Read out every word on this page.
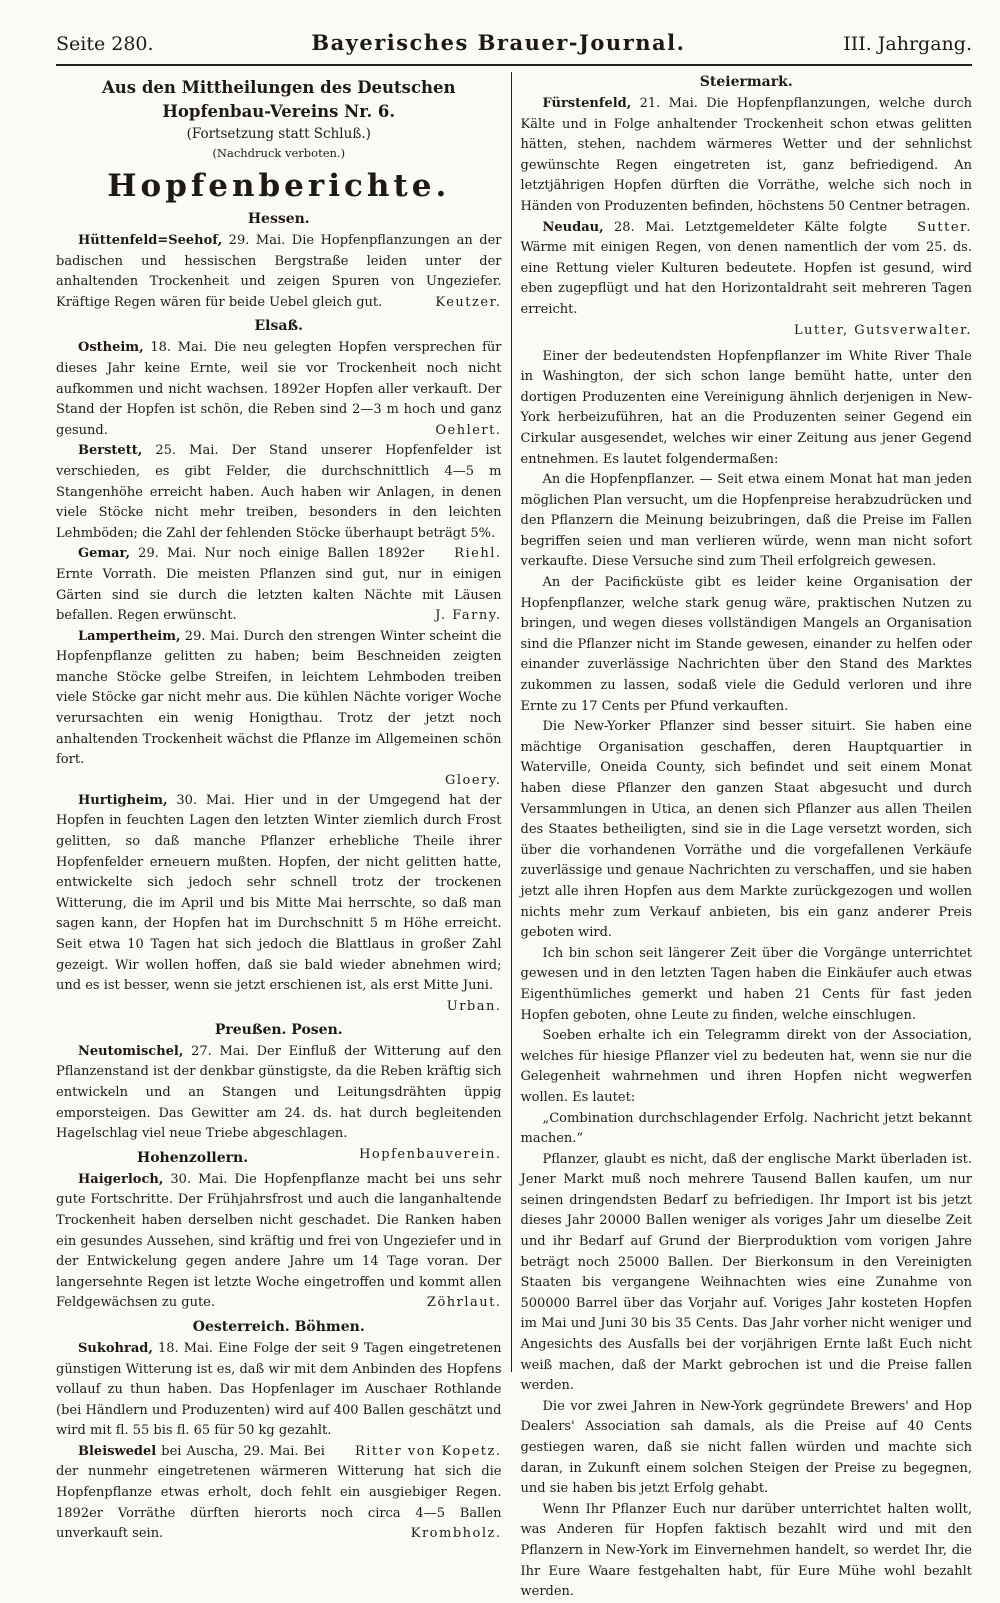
Seite 280.	Bayerisches Brauer-Journal.	III. Jahrgang.
Aus den Mittheilungen des Deutschen Hopfenbau-Vereins Nr. 6.
(Fortsetzung statt Schluß.)
(Nachdruck verboten.)
Hopfenberichte.
Hessen.

Hüttenfeld=Seehof, 29. Mai. Die Hopfenpflanzungen an der badischen und hessischen Bergstraße leiden unter der anhaltenden Trockenheit und zeigen Spuren von Ungeziefer. Kräftige Regen wären für beide Uebel gleich gut.	Keutzer.

Elsaß.

Ostheim, 18. Mai. Die neu gelegten Hopfen versprechen für dieses Jahr keine Ernte, weil sie vor Trockenheit noch nicht aufkommen und nicht wachsen. 1892er Hopfen aller verkauft. Der Stand der Hopfen ist schön, die Reben sind 2—3 m hoch und ganz gesund.	Oehlert.

Berstett, 25. Mai. Der Stand unserer Hopfenfelder ist verschieden, es gibt Felder, die durchschnittlich 4—5 m Stangenhöhe erreicht haben. Auch haben wir Anlagen, in denen viele Stöcke nicht mehr treiben, besonders in den leichten Lehmböden; die Zahl der fehlenden Stöcke überhaupt beträgt 5%.
Riehl.

Gemar, 29. Mai. Nur noch einige Ballen 1892er Ernte Vorrath. Die meisten Pflanzen sind gut, nur in einigen Gärten sind sie durch die letzten kalten Nächte mit Läusen befallen. Regen erwünscht.	J. Farny.

Lampertheim, 29. Mai. Durch den strengen Winter scheint die Hopfenpflanze gelitten zu haben; beim Beschneiden zeigten manche Stöcke gelbe Streifen, in leichtem Lehmboden treiben viele Stöcke gar nicht mehr aus. Die kühlen Nächte voriger Woche verursachten ein wenig Honigthau. Trotz der jetzt noch anhaltenden Trockenheit wächst die Pflanze im Allgemeinen schön fort.

Gloery.

Hurtigheim, 30. Mai. Hier und in der Umgegend hat der Hopfen in feuchten Lagen den letzten Winter ziemlich durch Frost gelitten, so daß manche Pflanzer erhebliche Theile ihrer Hopfenfelder erneuern mußten. Hopfen, der nicht gelitten hatte, entwickelte sich jedoch sehr schnell trotz der trockenen Witterung, die im April und bis Mitte Mai herrschte, so daß man sagen kann, der Hopfen hat im Durchschnitt 5 m Höhe erreicht. Seit etwa 10 Tagen hat sich jedoch die Blattlaus in großer Zahl gezeigt. Wir wollen hoffen, daß sie bald wieder abnehmen wird; und es ist besser, wenn sie jetzt erschienen ist, als erst Mitte Juni.

Urban.
Preußen. Posen.

Neutomischel, 27. Mai. Der Einfluß der Witterung auf den Pflanzenstand ist der denkbar günstigste, da die Reben kräftig sich entwickeln und an Stangen und Leitungsdrähten üppig emporsteigen. Das Gewitter am 24. ds. hat durch begleitenden Hagelschlag viel neue Triebe abgeschlagen.
Hopfenbauverein.

Hohenzollern.

Haigerloch, 30. Mai. Die Hopfenpflanze macht bei uns sehr gute Fortschritte. Der Frühjahrsfrost und auch die langanhaltende Trockenheit haben derselben nicht geschadet. Die Ranken haben ein gesundes Aussehen, sind kräftig und frei von Ungeziefer und in der Entwickelung gegen andere Jahre um 14 Tage voran. Der langersehnte Regen ist letzte Woche eingetroffen und kommt allen Feldgewächsen zu gute.	Zöhrlaut.

Oesterreich. Böhmen.

Sukohrad, 18. Mai. Eine Folge der seit 9 Tagen eingetretenen günstigen Witterung ist es, daß wir mit dem Anbinden des Hopfens vollauf zu thun haben. Das Hopfenlager im Auschaer Rothlande (bei Händlern und Produzenten) wird auf 400 Ballen geschätzt und wird mit fl. 55 bis fl. 65 für 50 kg gezahlt.
Ritter von Kopetz.

Bleiswedel bei Auscha, 29. Mai. Bei der nunmehr eingetretenen wärmeren Witterung hat sich die Hopfenpflanze etwas erholt, doch fehlt ein ausgiebiger Regen. 1892er Vorräthe dürften hierorts noch circa 4—5 Ballen unverkauft sein.	Krombholz.

Steiermark.

Fürstenfeld, 21. Mai. Die Hopfenpflanzungen, welche durch Kälte und in Folge anhaltender Trockenheit schon etwas gelitten hätten, stehen, nachdem wärmeres Wetter und der sehnlichst gewünschte Regen eingetreten ist, ganz befriedigend. An letztjährigen Hopfen dürften die Vorräthe, welche sich noch in Händen von Produzenten befinden, höchstens 50 Centner betragen.
Sutter.

Neudau, 28. Mai. Letztgemeldeter Kälte folgte Wärme mit einigen Regen, von denen namentlich der vom 25. ds. eine Rettung vieler Kulturen bedeutete. Hopfen ist gesund, wird eben zugepflügt und hat den Horizontaldraht seit mehreren Tagen erreicht.

Lutter, Gutsverwalter.

Einer der bedeutendsten Hopfenpflanzer im White River Thale in Washington, der sich schon lange bemüht hatte, unter den dortigen Produzenten eine Vereinigung ähnlich derjenigen in New-York herbeizuführen, hat an die Produzenten seiner Gegend ein Cirkular ausgesendet, welches wir einer Zeitung aus jener Gegend entnehmen. Es lautet folgendermaßen:

An die Hopfenpflanzer. — Seit etwa einem Monat hat man jeden möglichen Plan versucht, um die Hopfenpreise herabzudrücken und den Pflanzern die Meinung beizubringen, daß die Preise im Fallen begriffen seien und man verlieren würde, wenn man nicht sofort verkaufte. Diese Versuche sind zum Theil erfolgreich gewesen.

An der Pacificküste gibt es leider keine Organisation der Hopfenpflanzer, welche stark genug wäre, praktischen Nutzen zu bringen, und wegen dieses vollständigen Mangels an Organisation sind die Pflanzer nicht im Stande gewesen, einander zu helfen oder einander zuverlässige Nachrichten über den Stand des Marktes zukommen zu lassen, sodaß viele die Geduld verloren und ihre Ernte zu 17 Cents per Pfund verkauften.

Die New-Yorker Pflanzer sind besser situirt. Sie haben eine mächtige Organisation geschaffen, deren Hauptquartier in Waterville, Oneida County, sich befindet und seit einem Monat haben diese Pflanzer den ganzen Staat abgesucht und durch Versammlungen in Utica, an denen sich Pflanzer aus allen Theilen des Staates betheiligten, sind sie in die Lage versetzt worden, sich über die vorhandenen Vorräthe und die vorgefallenen Verkäufe zuverlässige und genaue Nachrichten zu verschaffen, und sie haben jetzt alle ihren Hopfen aus dem Markte zurückgezogen und wollen nichts mehr zum Verkauf anbieten, bis ein ganz anderer Preis geboten wird.

Ich bin schon seit längerer Zeit über die Vorgänge unterrichtet gewesen und in den letzten Tagen haben die Einkäufer auch etwas Eigenthümliches gemerkt und haben 21 Cents für fast jeden Hopfen geboten, ohne Leute zu finden, welche einschlugen.

Soeben erhalte ich ein Telegramm direkt von der Association, welches für hiesige Pflanzer viel zu bedeuten hat, wenn sie nur die Gelegenheit wahrnehmen und ihren Hopfen nicht wegwerfen wollen. Es lautet:

„Combination durchschlagender Erfolg. Nachricht jetzt bekannt machen.“

Pflanzer, glaubt es nicht, daß der englische Markt überladen ist. Jener Markt muß noch mehrere Tausend Ballen kaufen, um nur seinen dringendsten Bedarf zu befriedigen. Ihr Import ist bis jetzt dieses Jahr 20000 Ballen weniger als voriges Jahr um dieselbe Zeit und ihr Bedarf auf Grund der Bierproduktion vom vorigen Jahre beträgt noch 25000 Ballen. Der Bierkonsum in den Vereinigten Staaten bis vergangene Weihnachten wies eine Zunahme von 500000 Barrel über das Vorjahr auf. Voriges Jahr kosteten Hopfen im Mai und Juni 30 bis 35 Cents. Das Jahr vorher nicht weniger und Angesichts des Ausfalls bei der vorjährigen Ernte laßt Euch nicht weiß machen, daß der Markt gebrochen ist und die Preise fallen werden.

Die vor zwei Jahren in New-York gegründete Brewers' and Hop Dealers' Association sah damals, als die Preise auf 40 Cents gestiegen waren, daß sie nicht fallen würden und machte sich daran, in Zukunft einem solchen Steigen der Preise zu begegnen, und sie haben bis jetzt Erfolg gehabt.

Wenn Ihr Pflanzer Euch nur darüber unterrichtet halten wollt, was Anderen für Hopfen faktisch bezahlt wird und mit den Pflanzern in New-York im Einvernehmen handelt, so werdet Ihr, die Ihr Eure Waare festgehalten habt, für Eure Mühe wohl bezahlt werden.
